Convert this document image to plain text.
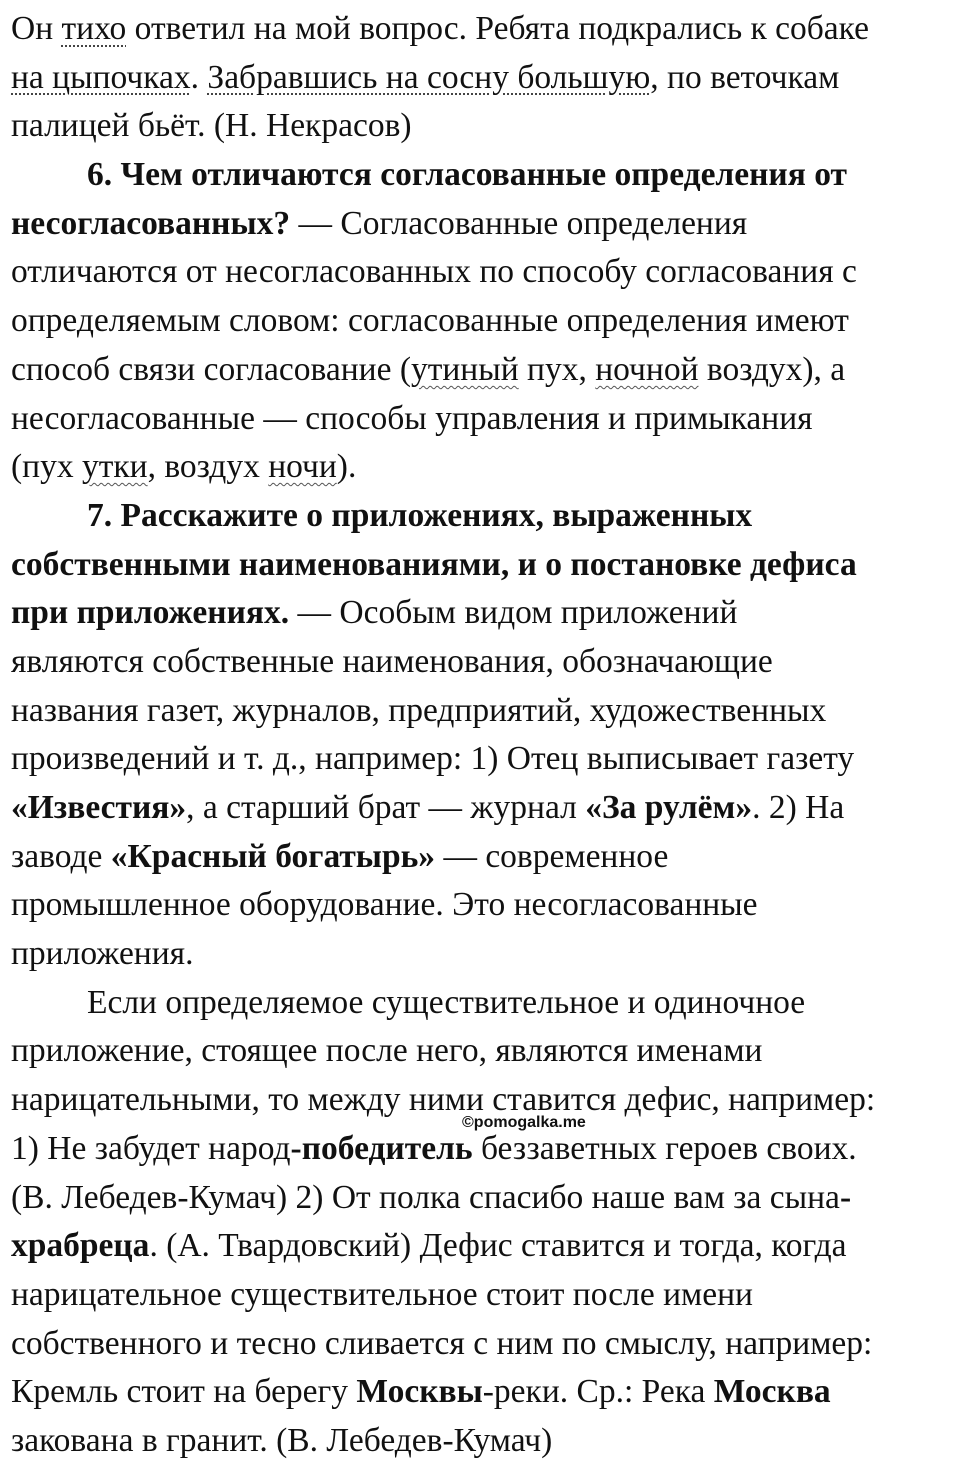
Он тихо ответил на мой вопрос. Ребята подкрались к собаке
на цыпочках. Забравшись на сосну большую, по веточкам
палицей бьёт. (Н. Некрасов)
6. Чем отличаются согласованные определения от
несогласованных? — Согласованные определения
отличаются от несогласованных по способу согласования с
определяемым словом: согласованные определения имеют
способ связи согласование (утиный пух, ночной воздух), а
несогласованные — способы управления и примыкания
(пух утки, воздух ночи).
7. Расскажите о приложениях, выраженных
собственными наименованиями, и о постановке дефиса
при приложениях. — Особым видом приложений
являются собственные наименования, обозначающие
названия газет, журналов, предприятий, художественных
произведений и т. д., например: 1) Отец выписывает газету
«Известия», а старший брат — журнал «За рулём». 2) На
заводе «Красный богатырь» — современное
промышленное оборудование. Это несогласованные
приложения.
Если определяемое существительное и одиночное
приложение, стоящее после него, являются именами
нарицательными, то между ними ставится дефис, например:
1) Не забудет народ-победитель беззаветных героев своих.
(В. Лебедев-Кумач) 2) От полка спасибо наше вам за сына-
храбреца. (А. Твардовский) Дефис ставится и тогда, когда
нарицательное существительное стоит после имени
собственного и тесно сливается с ним по смыслу, например:
Кремль стоит на берегу Москвы-реки. Ср.: Река Москва
закована в гранит. (В. Лебедев-Кумач)
©pomogalka.me
